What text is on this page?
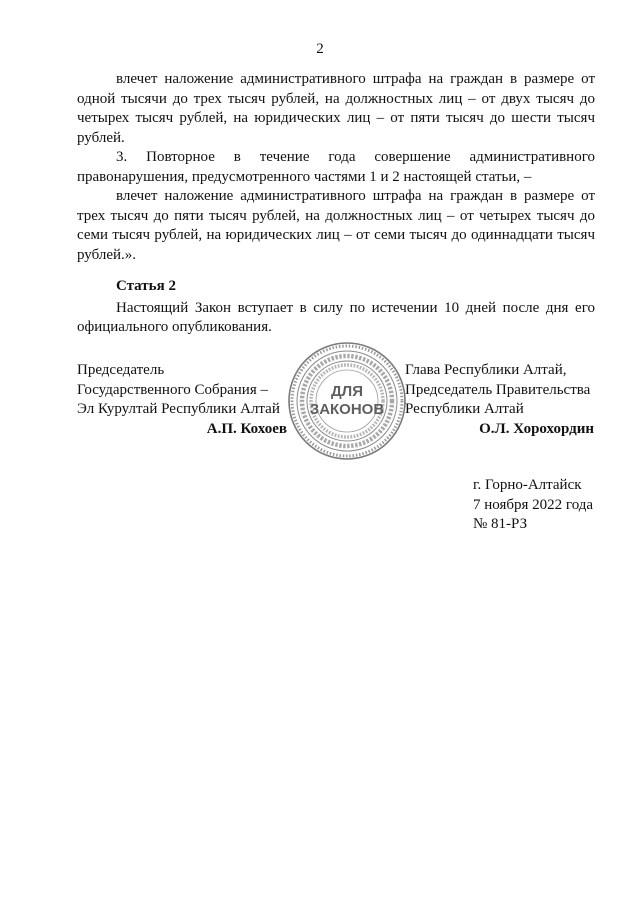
2

влечет наложение административного штрафа на граждан в размере от одной тысячи до трех тысяч рублей, на должностных лиц – от двух тысяч до четырех тысяч рублей, на юридических лиц – от пяти тысяч до шести тысяч рублей.

3. Повторное в течение года совершение административного правонарушения, предусмотренного частями 1 и 2 настоящей статьи, –

влечет наложение административного штрафа на граждан в размере от трех тысяч до пяти тысяч рублей, на должностных лиц – от четырех тысяч до семи тысяч рублей, на юридических лиц – от семи тысяч до одиннадцати тысяч рублей.».

Статья 2

Настоящий Закон вступает в силу по истечении 10 дней после дня его официального опубликования.

Председатель
Государственного Собрания –
Эл Курултай Республики Алтай
А.П. Кохоев
ДЛЯ
ЗАКОНОВ
Глава Республики Алтай,
Председатель Правительства
Республики Алтай
О.Л. Хорохордин
г. Горно-Алтайск
7 ноября 2022 года
№ 81-РЗ
